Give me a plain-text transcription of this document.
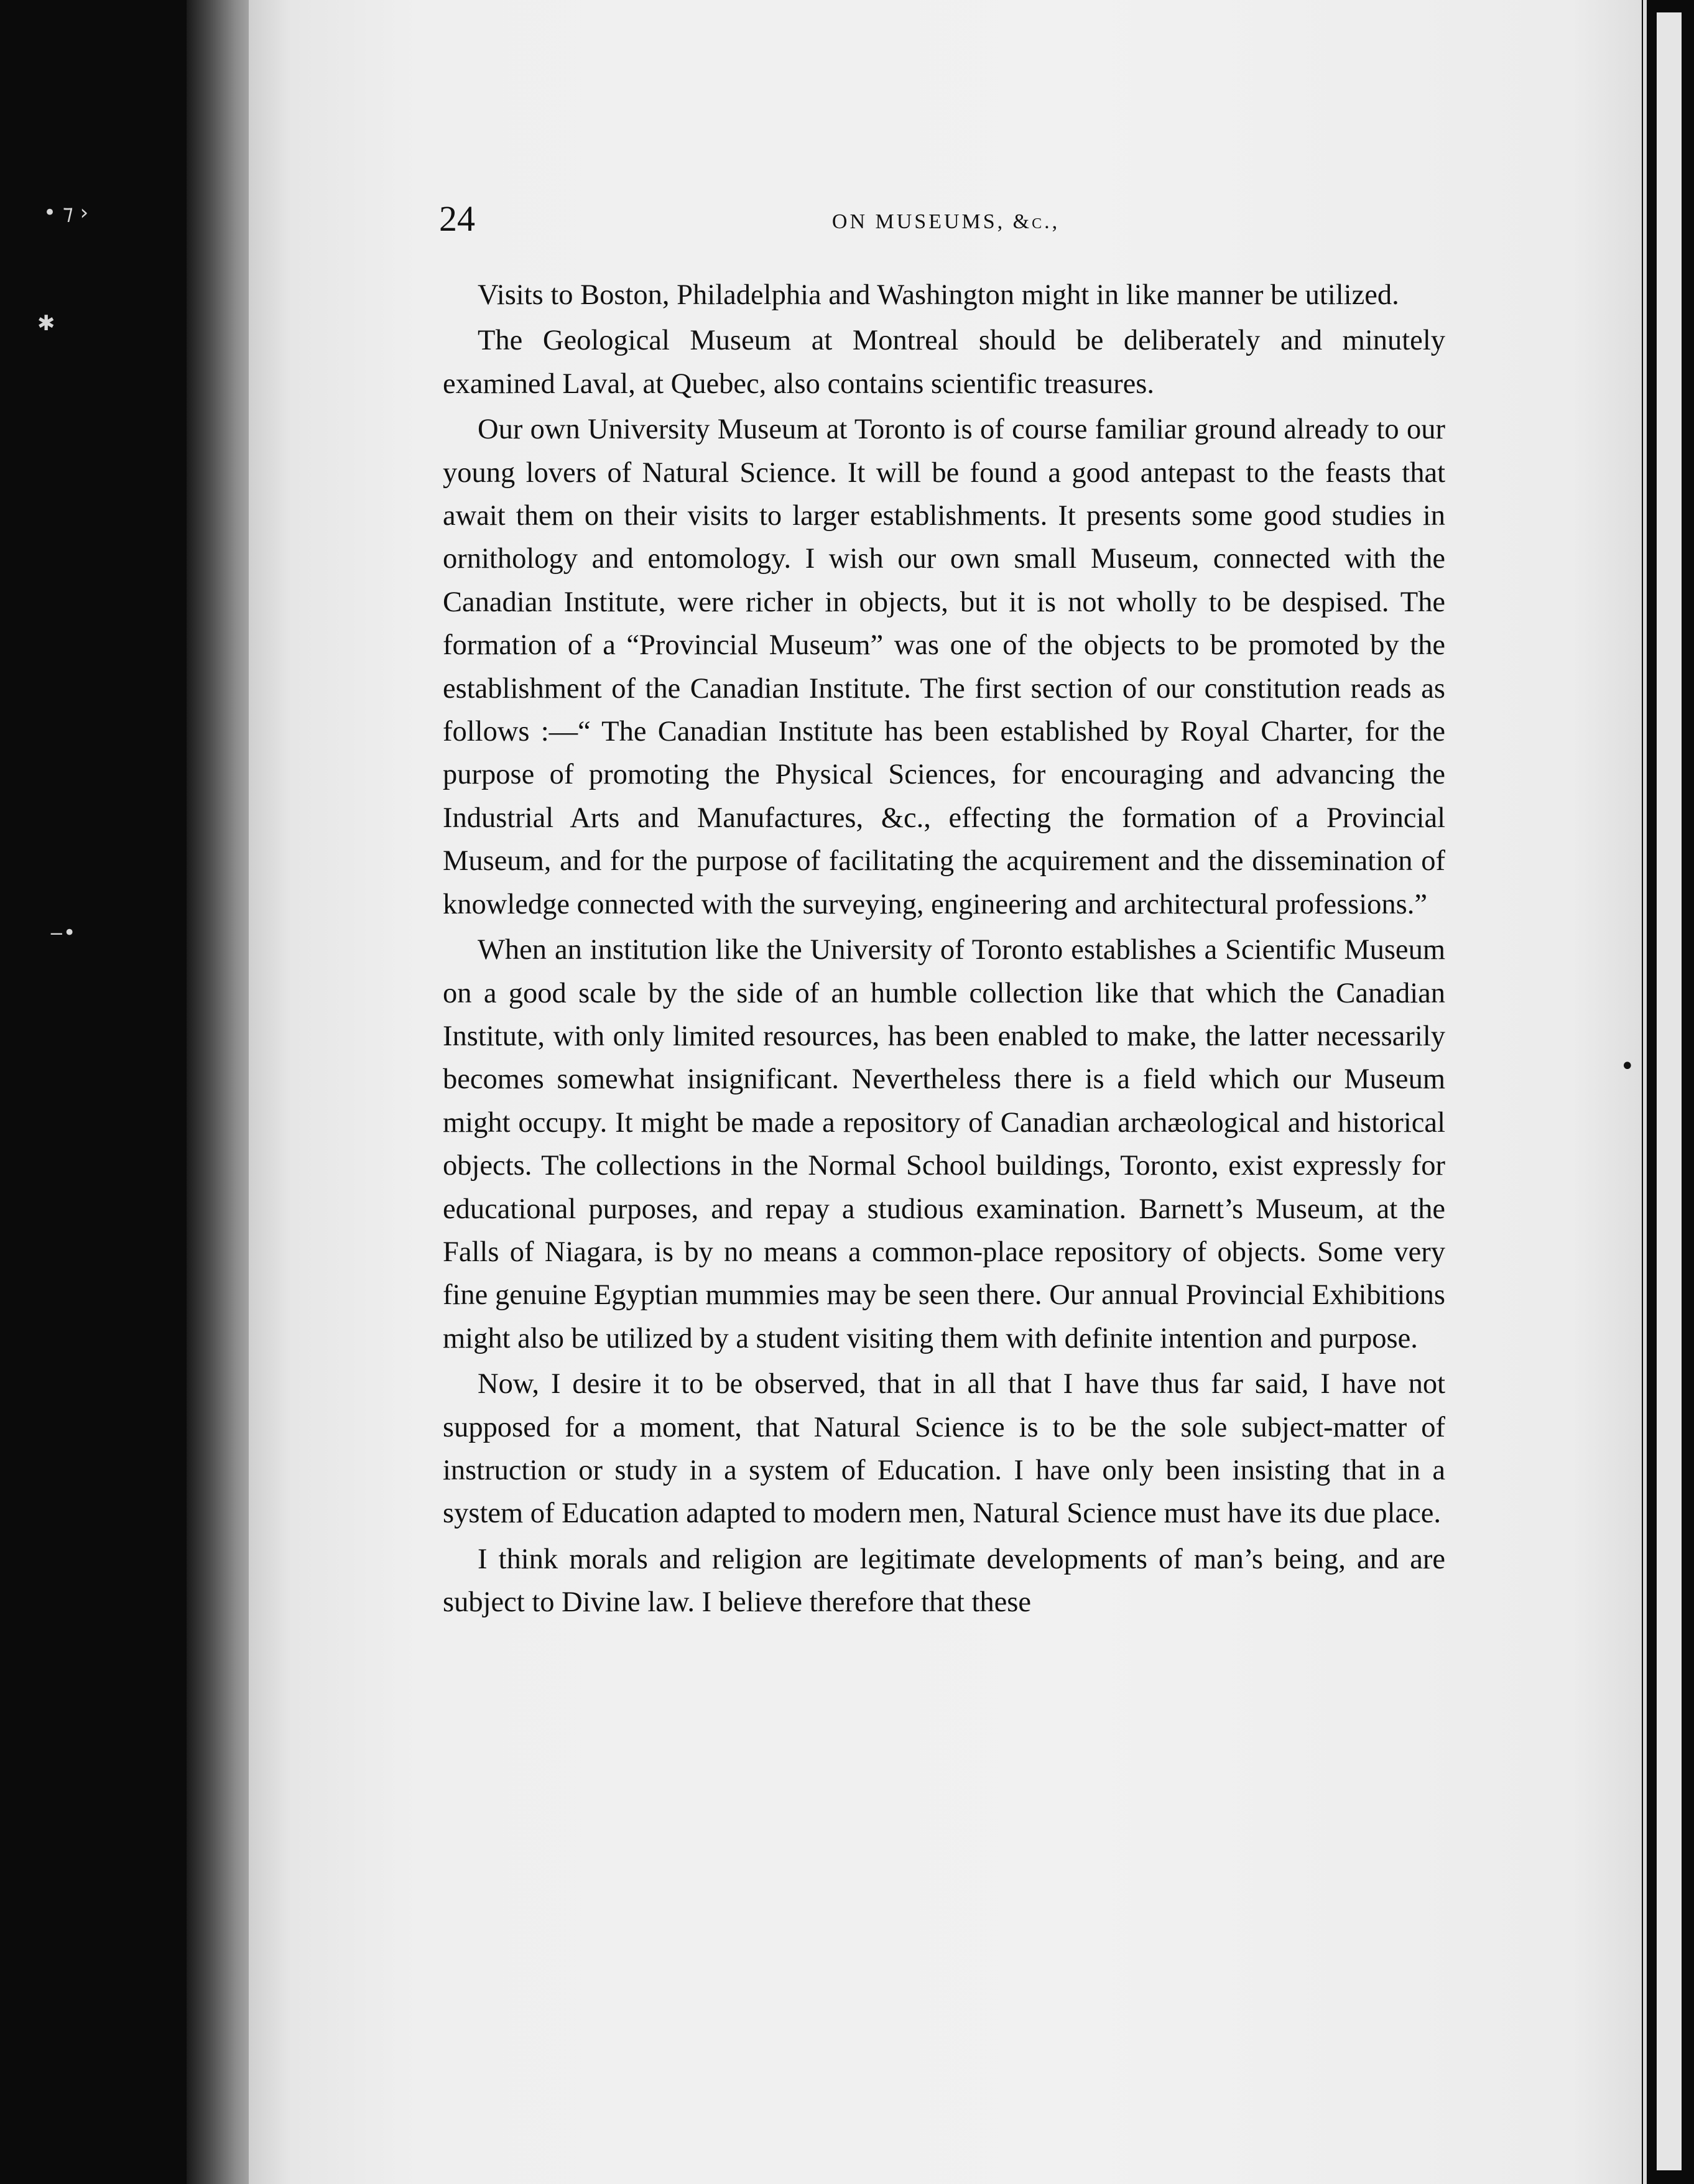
• ⁊ ›
✱
‒•
24	ON MUSEUMS, &c.,

Visits to Boston, Philadelphia and Washington might in like manner be utilized.

The Geological Museum at Montreal should be deliberately and minutely examined Laval, at Quebec, also contains scientific treasures.

Our own University Museum at Toronto is of course familiar ground already to our young lovers of Natural Science. It will be found a good antepast to the feasts that await them on their visits to larger establishments. It presents some good studies in ornithology and entomology. I wish our own small Museum, connected with the Canadian Institute, were richer in objects, but it is not wholly to be despised. The formation of a “Provincial Museum” was one of the objects to be promoted by the establishment of the Canadian Institute. The first section of our constitution reads as follows :—“ The Canadian Institute has been established by Royal Charter, for the purpose of promoting the Physical Sciences, for encouraging and advancing the Industrial Arts and Manufactures, &c., effecting the formation of a Provincial Museum, and for the purpose of facilitating the acquirement and the dissemination of knowledge connected with the surveying, engineering and architectural professions.”

When an institution like the University of Toronto establishes a Scientific Museum on a good scale by the side of an humble collection like that which the Canadian Institute, with only limited resources, has been enabled to make, the latter necessarily becomes somewhat insignificant. Nevertheless there is a field which our Museum might occupy. It might be made a repository of Canadian archæological and historical objects. The collections in the Normal School buildings, Toronto, exist expressly for educational purposes, and repay a studious examination. Barnett’s Museum, at the Falls of Niagara, is by no means a common-place repository of objects. Some very fine genuine Egyptian mummies may be seen there. Our annual Provincial Exhibitions might also be utilized by a student visiting them with definite intention and purpose.

Now, I desire it to be observed, that in all that I have thus far said, I have not supposed for a moment, that Natural Science is to be the sole subject-matter of instruction or study in a system of Education. I have only been insisting that in a system of Education adapted to modern men, Natural Science must have its due place.

I think morals and religion are legitimate developments of man’s being, and are subject to Divine law. I believe therefore that these

•
